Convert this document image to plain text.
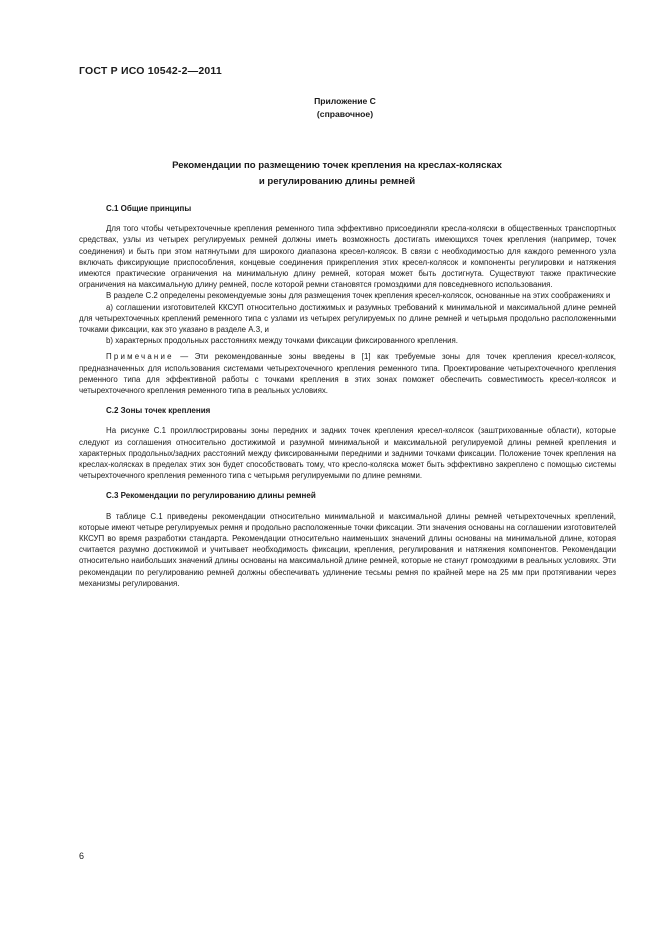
ГОСТ Р ИСО 10542-2—2011
Приложение С
(справочное)
Рекомендации по размещению точек крепления на креслах-колясках
и регулированию длины ремней
С.1 Общие принципы

Для того чтобы четырехточечные крепления ременного типа эффективно присоединяли кресла-коляски в общественных транспортных средствах, узлы из четырех регулируемых ремней должны иметь возможность достигать имеющихся точек крепления (например, точек соединения) и быть при этом натянутыми для широкого диапазона кресел-колясок. В связи с необходимостью для каждого ременного узла включать фиксирующие приспособления, концевые соединения прикрепления этих кресел-колясок и компоненты регулировки и натяжения имеются практические ограничения на минимальную длину ремней, которая может быть достигнута. Существуют также практические ограничения на максимальную длину ремней, после которой ремни становятся громоздкими для повседневного использования.

В разделе С.2 определены рекомендуемые зоны для размещения точек крепления кресел-колясок, основанные на этих соображениях и

а) соглашении изготовителей ККСУП относительно достижимых и разумных требований к минимальной и максимальной длине ремней для четырехточечных креплений ременного типа с узлами из четырех регулируемых по длине ремней и четырьмя продольно расположенными точками фиксации, как это указано в разделе А.3, и

b) характерных продольных расстояниях между точками фиксации фиксированного крепления.

Примечание — Эти рекомендованные зоны введены в [1] как требуемые зоны для точек крепления кресел-колясок, предназначенных для использования системами четырехточечного крепления ременного типа. Проектирование четырехточечного крепления ременного типа для эффективной работы с точками крепления в этих зонах поможет обеспечить совместимость кресел-колясок и четырехточечного крепления ременного типа в реальных условиях.

С.2 Зоны точек крепления

На рисунке С.1 проиллюстрированы зоны передних и задних точек крепления кресел-колясок (заштрихованные области), которые следуют из соглашения относительно достижимой и разумной минимальной и максимальной регулируемой длины ремней крепления и характерных продольных/задних расстояний между фиксированными передними и задними точками фиксации. Положение точек крепления на креслах-колясках в пределах этих зон будет способствовать тому, что кресло-коляска может быть эффективно закреплено с помощью системы четырехточечного крепления ременного типа с четырьмя регулируемыми по длине ремнями.

С.3 Рекомендации по регулированию длины ремней

В таблице С.1 приведены рекомендации относительно минимальной и максимальной длины ремней четырехточечных креплений, которые имеют четыре регулируемых ремня и продольно расположенные точки фиксации. Эти значения основаны на соглашении изготовителей ККСУП во время разработки стандарта. Рекомендации относительно наименьших значений длины основаны на минимальной длине, которая считается разумно достижимой и учитывает необходимость фиксации, крепления, регулирования и натяжения компонентов. Рекомендации относительно наибольших значений длины основаны на максимальной длине ремней, которые не станут громоздкими в реальных условиях. Эти рекомендации по регулированию ремней должны обеспечивать удлинение тесьмы ремня по крайней мере на 25 мм при протягивании через механизмы регулирования.

6
